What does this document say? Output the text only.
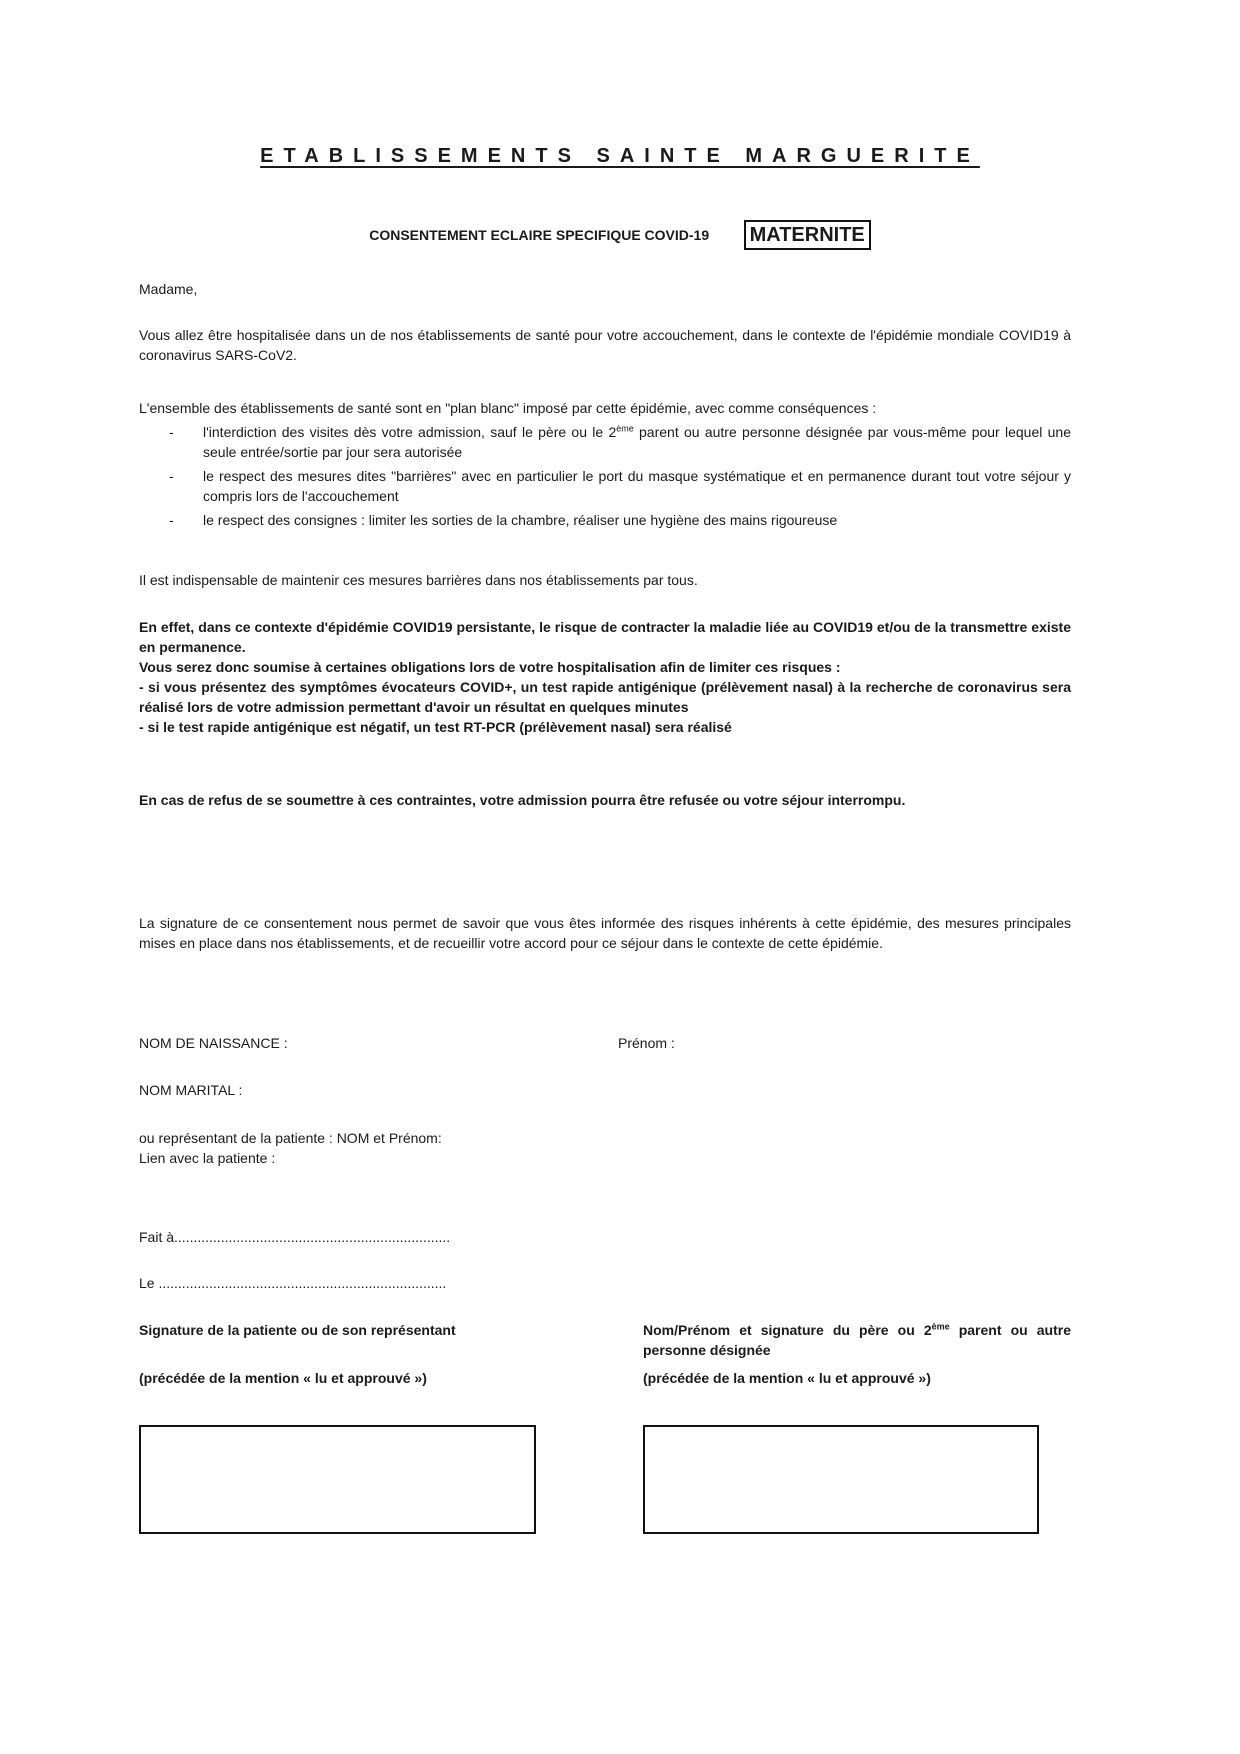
ETABLISSEMENTS SAINTE MARGUERITE
CONSENTEMENT ECLAIRE SPECIFIQUE COVID-19 MATERNITE
Madame,
Vous allez être hospitalisée dans un de nos établissements de santé pour votre accouchement, dans le contexte de l'épidémie mondiale COVID19 à coronavirus SARS-CoV2.
L'ensemble des établissements de santé sont en "plan blanc" imposé par cette épidémie, avec comme conséquences :
- l'interdiction des visites dès votre admission, sauf le père ou le 2ème parent ou autre personne désignée par vous-même pour lequel une seule entrée/sortie par jour sera autorisée
- le respect des mesures dites "barrières" avec en particulier le port du masque systématique et en permanence durant tout votre séjour y compris lors de l'accouchement
- le respect des consignes : limiter les sorties de la chambre, réaliser une hygiène des mains rigoureuse
Il est indispensable de maintenir ces mesures barrières dans nos établissements par tous.
En effet, dans ce contexte d'épidémie COVID19 persistante, le risque de contracter la maladie liée au COVID19 et/ou de la transmettre existe en permanence.
Vous serez donc soumise à certaines obligations lors de votre hospitalisation afin de limiter ces risques :
- si vous présentez des symptômes évocateurs COVID+, un test rapide antigénique (prélèvement nasal) à la recherche de coronavirus sera réalisé lors de votre admission permettant d'avoir un résultat en quelques minutes
- si le test rapide antigénique est négatif, un test RT-PCR (prélèvement nasal) sera réalisé
En cas de refus de se soumettre à ces contraintes, votre admission pourra être refusée ou votre séjour interrompu.
La signature de ce consentement nous permet de savoir que vous êtes informée des risques inhérents à cette épidémie, des mesures principales mises en place dans nos établissements, et de recueillir votre accord pour ce séjour dans le contexte de cette épidémie.
NOM DE NAISSANCE :	Prénom :
NOM MARITAL :
ou représentant de la patiente : NOM et Prénom:
Lien avec la patiente :
Fait à.......................................................................
Le ..........................................................................
Signature de la patiente ou de son représentant
(précédée de la mention « lu et approuvé »)
Nom/Prénom et signature du père ou 2ème parent ou autre personne désignée
(précédée de la mention « lu et approuvé »)
